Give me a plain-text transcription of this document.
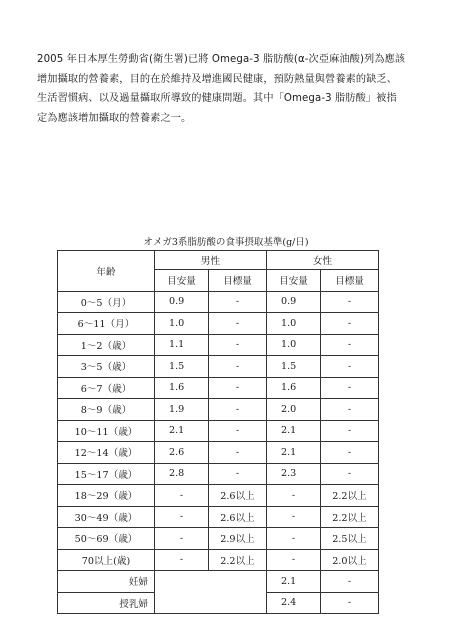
2005 年日本厚生勞動省(衛生署)已將 Omega-3 脂肪酸(α-次亞麻油酸)列為應該
增加攝取的營養素，目的在於維持及增進國民健康，預防熱量與營養素的缺乏、
生活習慣病、以及過量攝取所導致的健康問題。其中「Omega-3 脂肪酸」被指
定為應該增加攝取的營養素之一。
オメガ3系脂肪酸の食事摂取基準(g/日)
年齢	男性		女性	
	目安量	目標量	目安量	目標量
0～5（月）	0.9	-	0.9	-
6～11（月）	1.0	-	1.0	-
1～2（歳）	1.1	-	1.0	-
3～5（歳）	1.5	-	1.5	-
6～7（歳）	1.6	-	1.6	-
8～9（歳）	1.9	-	2.0	-
10～11（歳）	2.1	-	2.1	-
12～14（歳）	2.6	-	2.1	-
15～17（歳）	2.8	-	2.3	-
18～29（歳）	-	2.6以上	-	2.2以上
30～49（歳）	-	2.6以上	-	2.2以上
50～69（歳）	-	2.9以上	-	2.5以上
70以上(歳)	-	2.2以上	-	2.0以上
妊婦			2.1	-
授乳婦			2.4	-
